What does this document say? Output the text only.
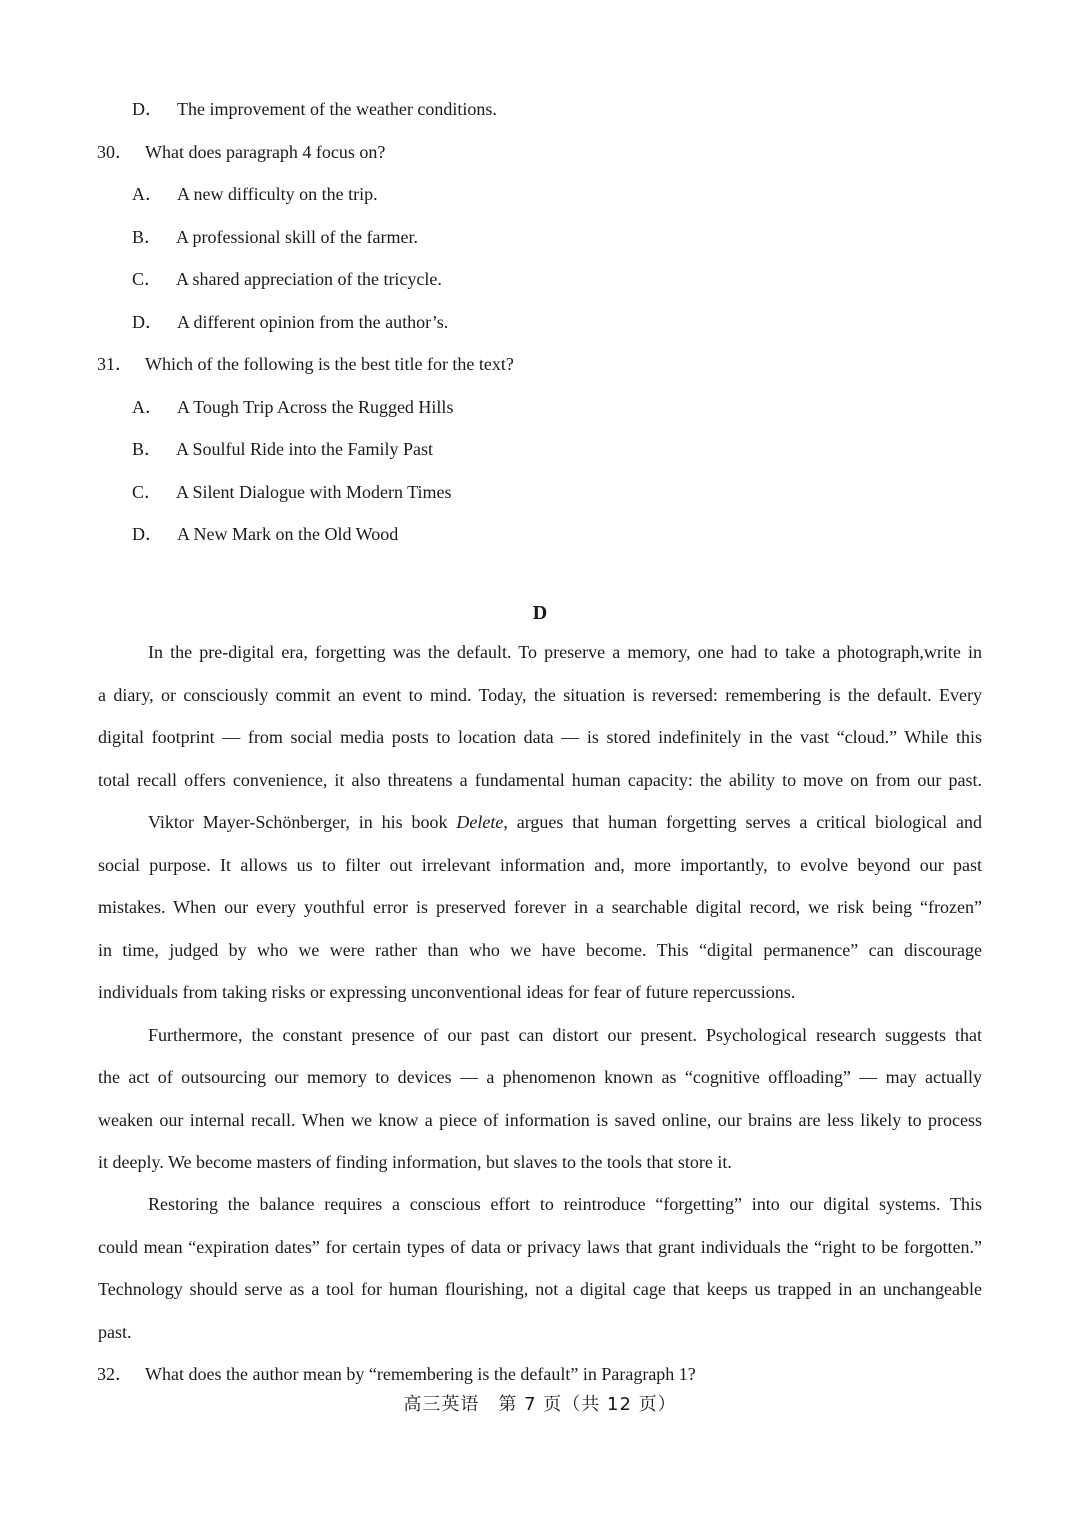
D． The improvement of the weather conditions.
30． What does paragraph 4 focus on?
A． A new difficulty on the trip.
B． A professional skill of the farmer.
C． A shared appreciation of the tricycle.
D． A different opinion from the author’s.
31． Which of the following is the best title for the text?
A． A Tough Trip Across the Rugged Hills
B． A Soulful Ride into the Family Past
C． A Silent Dialogue with Modern Times
D． A New Mark on the Old Wood
D
In the pre-digital era, forgetting was the default. To preserve a memory, one had to take a photograph,write in
a diary, or consciously commit an event to mind. Today, the situation is reversed: remembering is the default. Every
digital footprint — from social media posts to location data — is stored indefinitely in the vast “cloud.” While this
total recall offers convenience, it also threatens a fundamental human capacity: the ability to move on from our past.
Viktor Mayer-Schönberger, in his book Delete, argues that human forgetting serves a critical biological and
social purpose. It allows us to filter out irrelevant information and, more importantly, to evolve beyond our past
mistakes. When our every youthful error is preserved forever in a searchable digital record, we risk being “frozen”
in time, judged by who we were rather than who we have become. This “digital permanence” can discourage
individuals from taking risks or expressing unconventional ideas for fear of future repercussions.
Furthermore, the constant presence of our past can distort our present. Psychological research suggests that
the act of outsourcing our memory to devices — a phenomenon known as “cognitive offloading” — may actually
weaken our internal recall. When we know a piece of information is saved online, our brains are less likely to process
it deeply. We become masters of finding information, but slaves to the tools that store it.
Restoring the balance requires a conscious effort to reintroduce “forgetting” into our digital systems. This
could mean “expiration dates” for certain types of data or privacy laws that grant individuals the “right to be forgotten.”
Technology should serve as a tool for human flourishing, not a digital cage that keeps us trapped in an unchangeable
past.
32． What does the author mean by “remembering is the default” in Paragraph 1?
高三英语　第 7 页（共 12 页）
